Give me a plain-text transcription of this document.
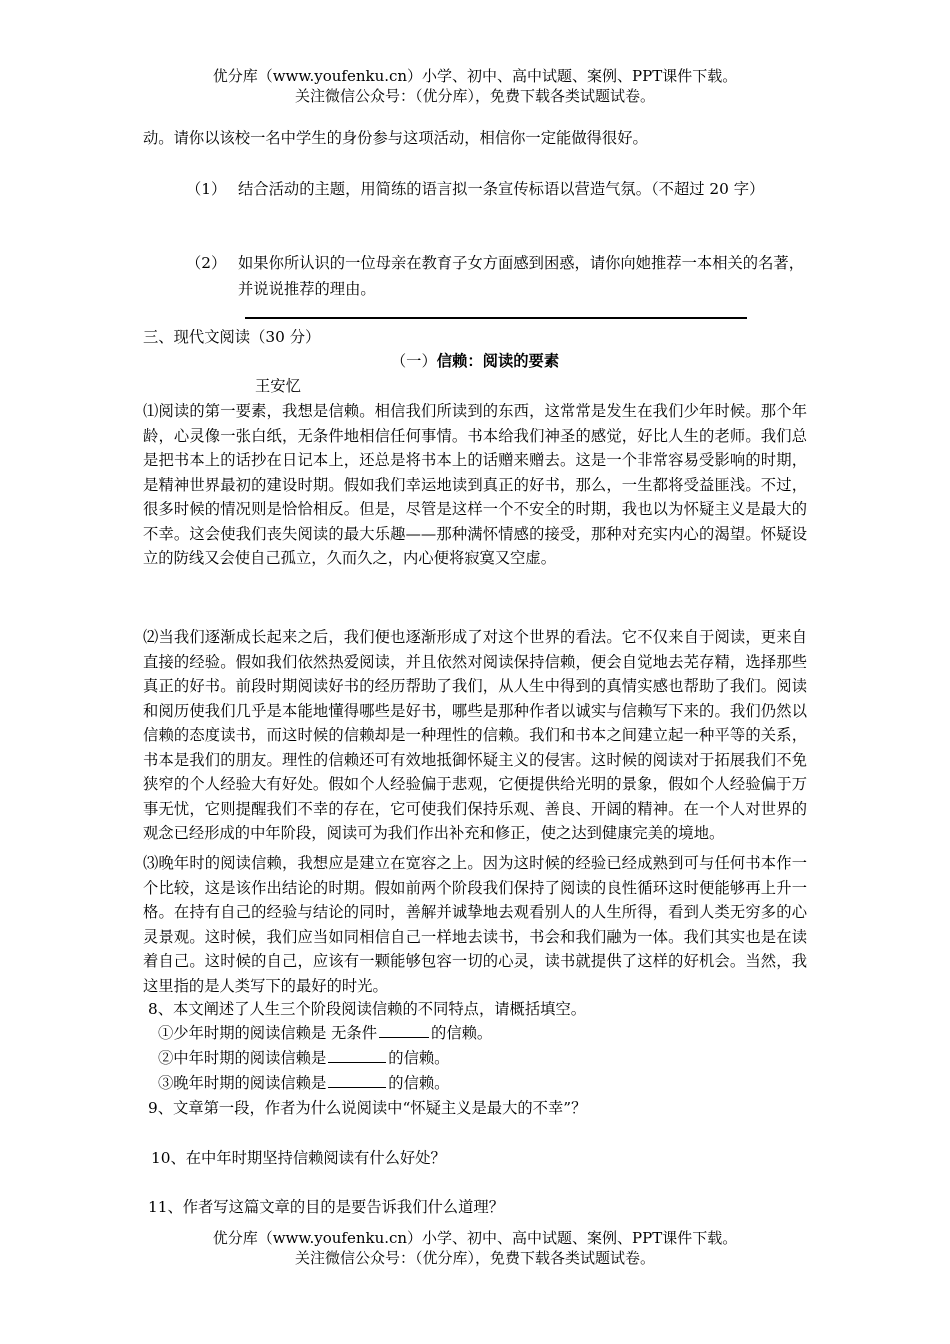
优分库（www.youfenku.cn）小学、初中、高中试题、案例、PPT课件下载。
关注微信公众号：（优分库），免费下载各类试题试卷。
动。请你以该校一名中学生的身份参与这项活动，相信你一定能做得很好。
（1） 结合活动的主题，用简练的语言拟一条宣传标语以营造气氛。（不超过 20 字）
（2） 如果你所认识的一位母亲在教育子女方面感到困惑，请你向她推荐一本相关的名著，并说说推荐的理由。
三、现代文阅读（30 分）
（一）信赖：阅读的要素
王安忆
⑴阅读的第一要素，我想是信赖。相信我们所读到的东西，这常常是发生在我们少年时候。那个年龄，心灵像一张白纸，无条件地相信任何事情。书本给我们神圣的感觉，好比人生的老师。我们总是把书本上的话抄在日记本上，还总是将书本上的话赠来赠去。这是一个非常容易受影响的时期，是精神世界最初的建设时期。假如我们幸运地读到真正的好书，那么，一生都将受益匪浅。不过，很多时候的情况则是恰恰相反。但是，尽管是这样一个不安全的时期，我也以为怀疑主义是最大的不幸。这会使我们丧失阅读的最大乐趣——那种满怀情感的接受，那种对充实内心的渴望。怀疑设立的防线又会使自己孤立，久而久之，内心便将寂寞又空虚。
⑵当我们逐渐成长起来之后，我们便也逐渐形成了对这个世界的看法。它不仅来自于阅读，更来自直接的经验。假如我们依然热爱阅读，并且依然对阅读保持信赖，便会自觉地去芜存精，选择那些真正的好书。前段时期阅读好书的经历帮助了我们，从人生中得到的真情实感也帮助了我们。阅读和阅历使我们几乎是本能地懂得哪些是好书，哪些是那种作者以诚实与信赖写下来的。我们仍然以信赖的态度读书，而这时候的信赖却是一种理性的信赖。我们和书本之间建立起一种平等的关系，书本是我们的朋友。理性的信赖还可有效地抵御怀疑主义的侵害。这时候的阅读对于拓展我们不免狭窄的个人经验大有好处。假如个人经验偏于悲观，它便提供给光明的景象，假如个人经验偏于万事无忧，它则提醒我们不幸的存在，它可使我们保持乐观、善良、开阔的精神。在一个人对世界的观念已经形成的中年阶段，阅读可为我们作出补充和修正，使之达到健康完美的境地。
⑶晚年时的阅读信赖，我想应是建立在宽容之上。因为这时候的经验已经成熟到可与任何书本作一个比较，这是该作出结论的时期。假如前两个阶段我们保持了阅读的良性循环这时便能够再上升一格。在持有自己的经验与结论的同时，善解并诚挚地去观看别人的人生所得，看到人类无穷多的心灵景观。这时候，我们应当如同相信自己一样地去读书，书会和我们融为一体。我们其实也是在读着自己。这时候的自己，应该有一颗能够包容一切的心灵，读书就提供了这样的好机会。当然，我这里指的是人类写下的最好的时光。
8、本文阐述了人生三个阶段阅读信赖的不同特点，请概括填空。
①少年时期的阅读信赖是 无条件	的信赖。
②中年时期的阅读信赖是	的信赖。
③晚年时期的阅读信赖是	的信赖。
9、文章第一段，作者为什么说阅读中“怀疑主义是最大的不幸”？
10、在中年时期坚持信赖阅读有什么好处？
11、作者写这篇文章的目的是要告诉我们什么道理？
优分库（www.youfenku.cn）小学、初中、高中试题、案例、PPT课件下载。
关注微信公众号：（优分库），免费下载各类试题试卷。
